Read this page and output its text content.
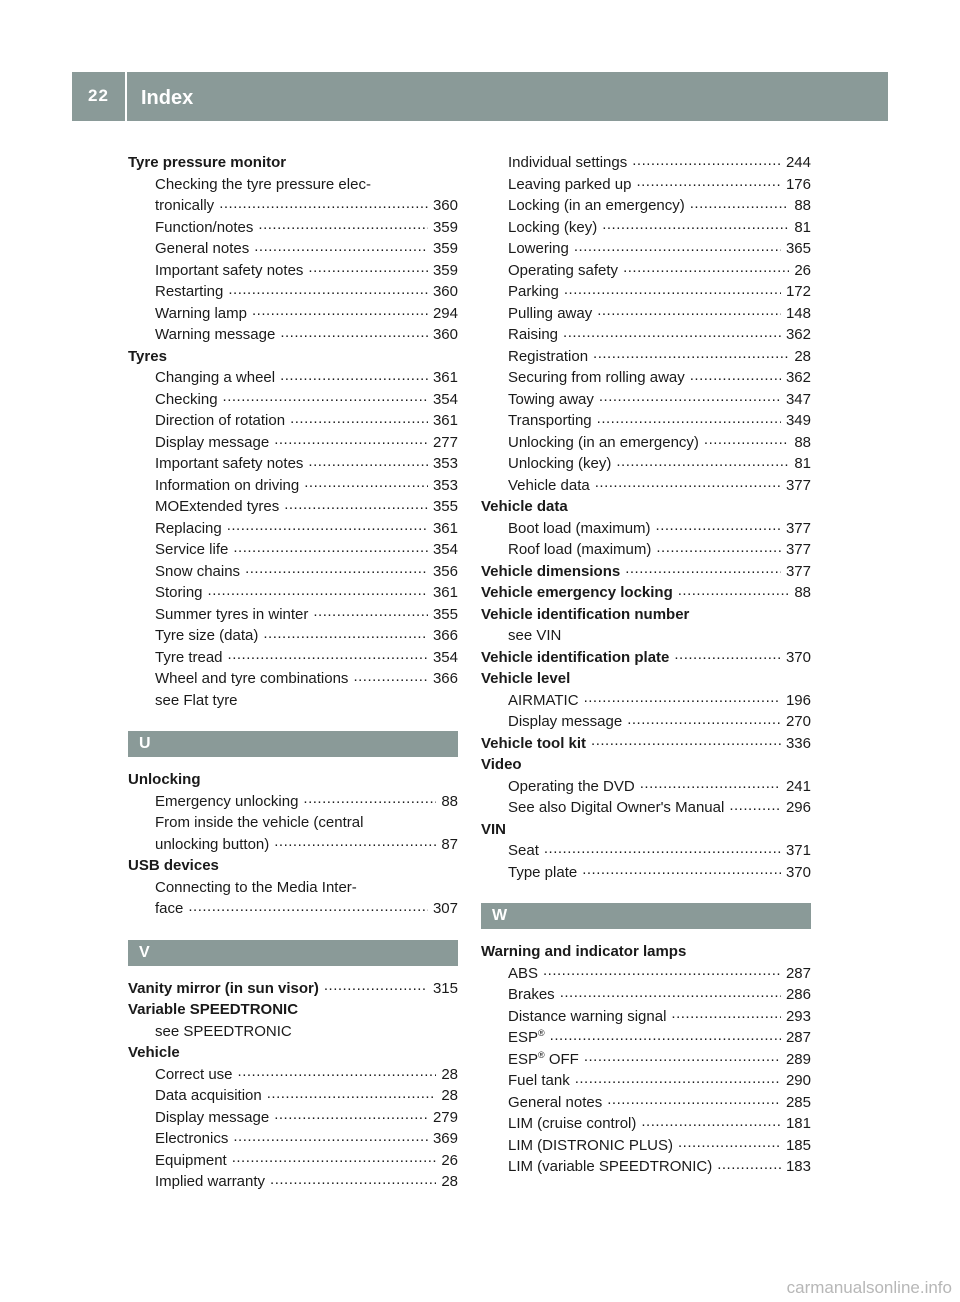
22	Index
Tyre pressure monitor
Checking the tyre pressure elec-
tronically .....	360
Function/notes .....	359
General notes .....	359
Important safety notes .....	359
Restarting .....	360
Warning lamp .....	294
Warning message .....	360
Tyres
Changing a wheel .....	361
Checking .....	354
Direction of rotation .....	361
Display message .....	277
Important safety notes .....	353
Information on driving .....	353
MOExtended tyres .....	355
Replacing .....	361
Service life .....	354
Snow chains .....	356
Storing .....	361
Summer tyres in winter .....	355
Tyre size (data) .....	366
Tyre tread .....	354
Wheel and tyre combinations .....	366
see Flat tyre
U
Unlocking
Emergency unlocking .....	88
From inside the vehicle (central
unlocking button) .....	87
USB devices
Connecting to the Media Inter-
face .....	307
V
Vanity mirror (in sun visor) .....	315
Variable SPEEDTRONIC
see SPEEDTRONIC
Vehicle
Correct use .....	28
Data acquisition .....	28
Display message .....	279
Electronics .....	369
Equipment .....	26
Implied warranty .....	28
Individual settings .....	244
Leaving parked up .....	176
Locking (in an emergency) .....	88
Locking (key) .....	81
Lowering .....	365
Operating safety .....	26
Parking .....	172
Pulling away .....	148
Raising .....	362
Registration .....	28
Securing from rolling away .....	362
Towing away .....	347
Transporting .....	349
Unlocking (in an emergency) .....	88
Unlocking (key) .....	81
Vehicle data .....	377
Vehicle data
Boot load (maximum) .....	377
Roof load (maximum) .....	377
Vehicle dimensions .....	377
Vehicle emergency locking .....	88
Vehicle identification number
see VIN
Vehicle identification plate .....	370
Vehicle level
AIRMATIC .....	196
Display message .....	270
Vehicle tool kit .....	336
Video
Operating the DVD .....	241
See also Digital Owner's Manual .....	296
VIN
Seat .....	371
Type plate .....	370
W
Warning and indicator lamps
ABS .....	287
Brakes .....	286
Distance warning signal .....	293
ESP® .....	287
ESP® OFF .....	289
Fuel tank .....	290
General notes .....	285
LIM (cruise control) .....	181
LIM (DISTRONIC PLUS) .....	185
LIM (variable SPEEDTRONIC) .....	183
carmanualsonline.info
